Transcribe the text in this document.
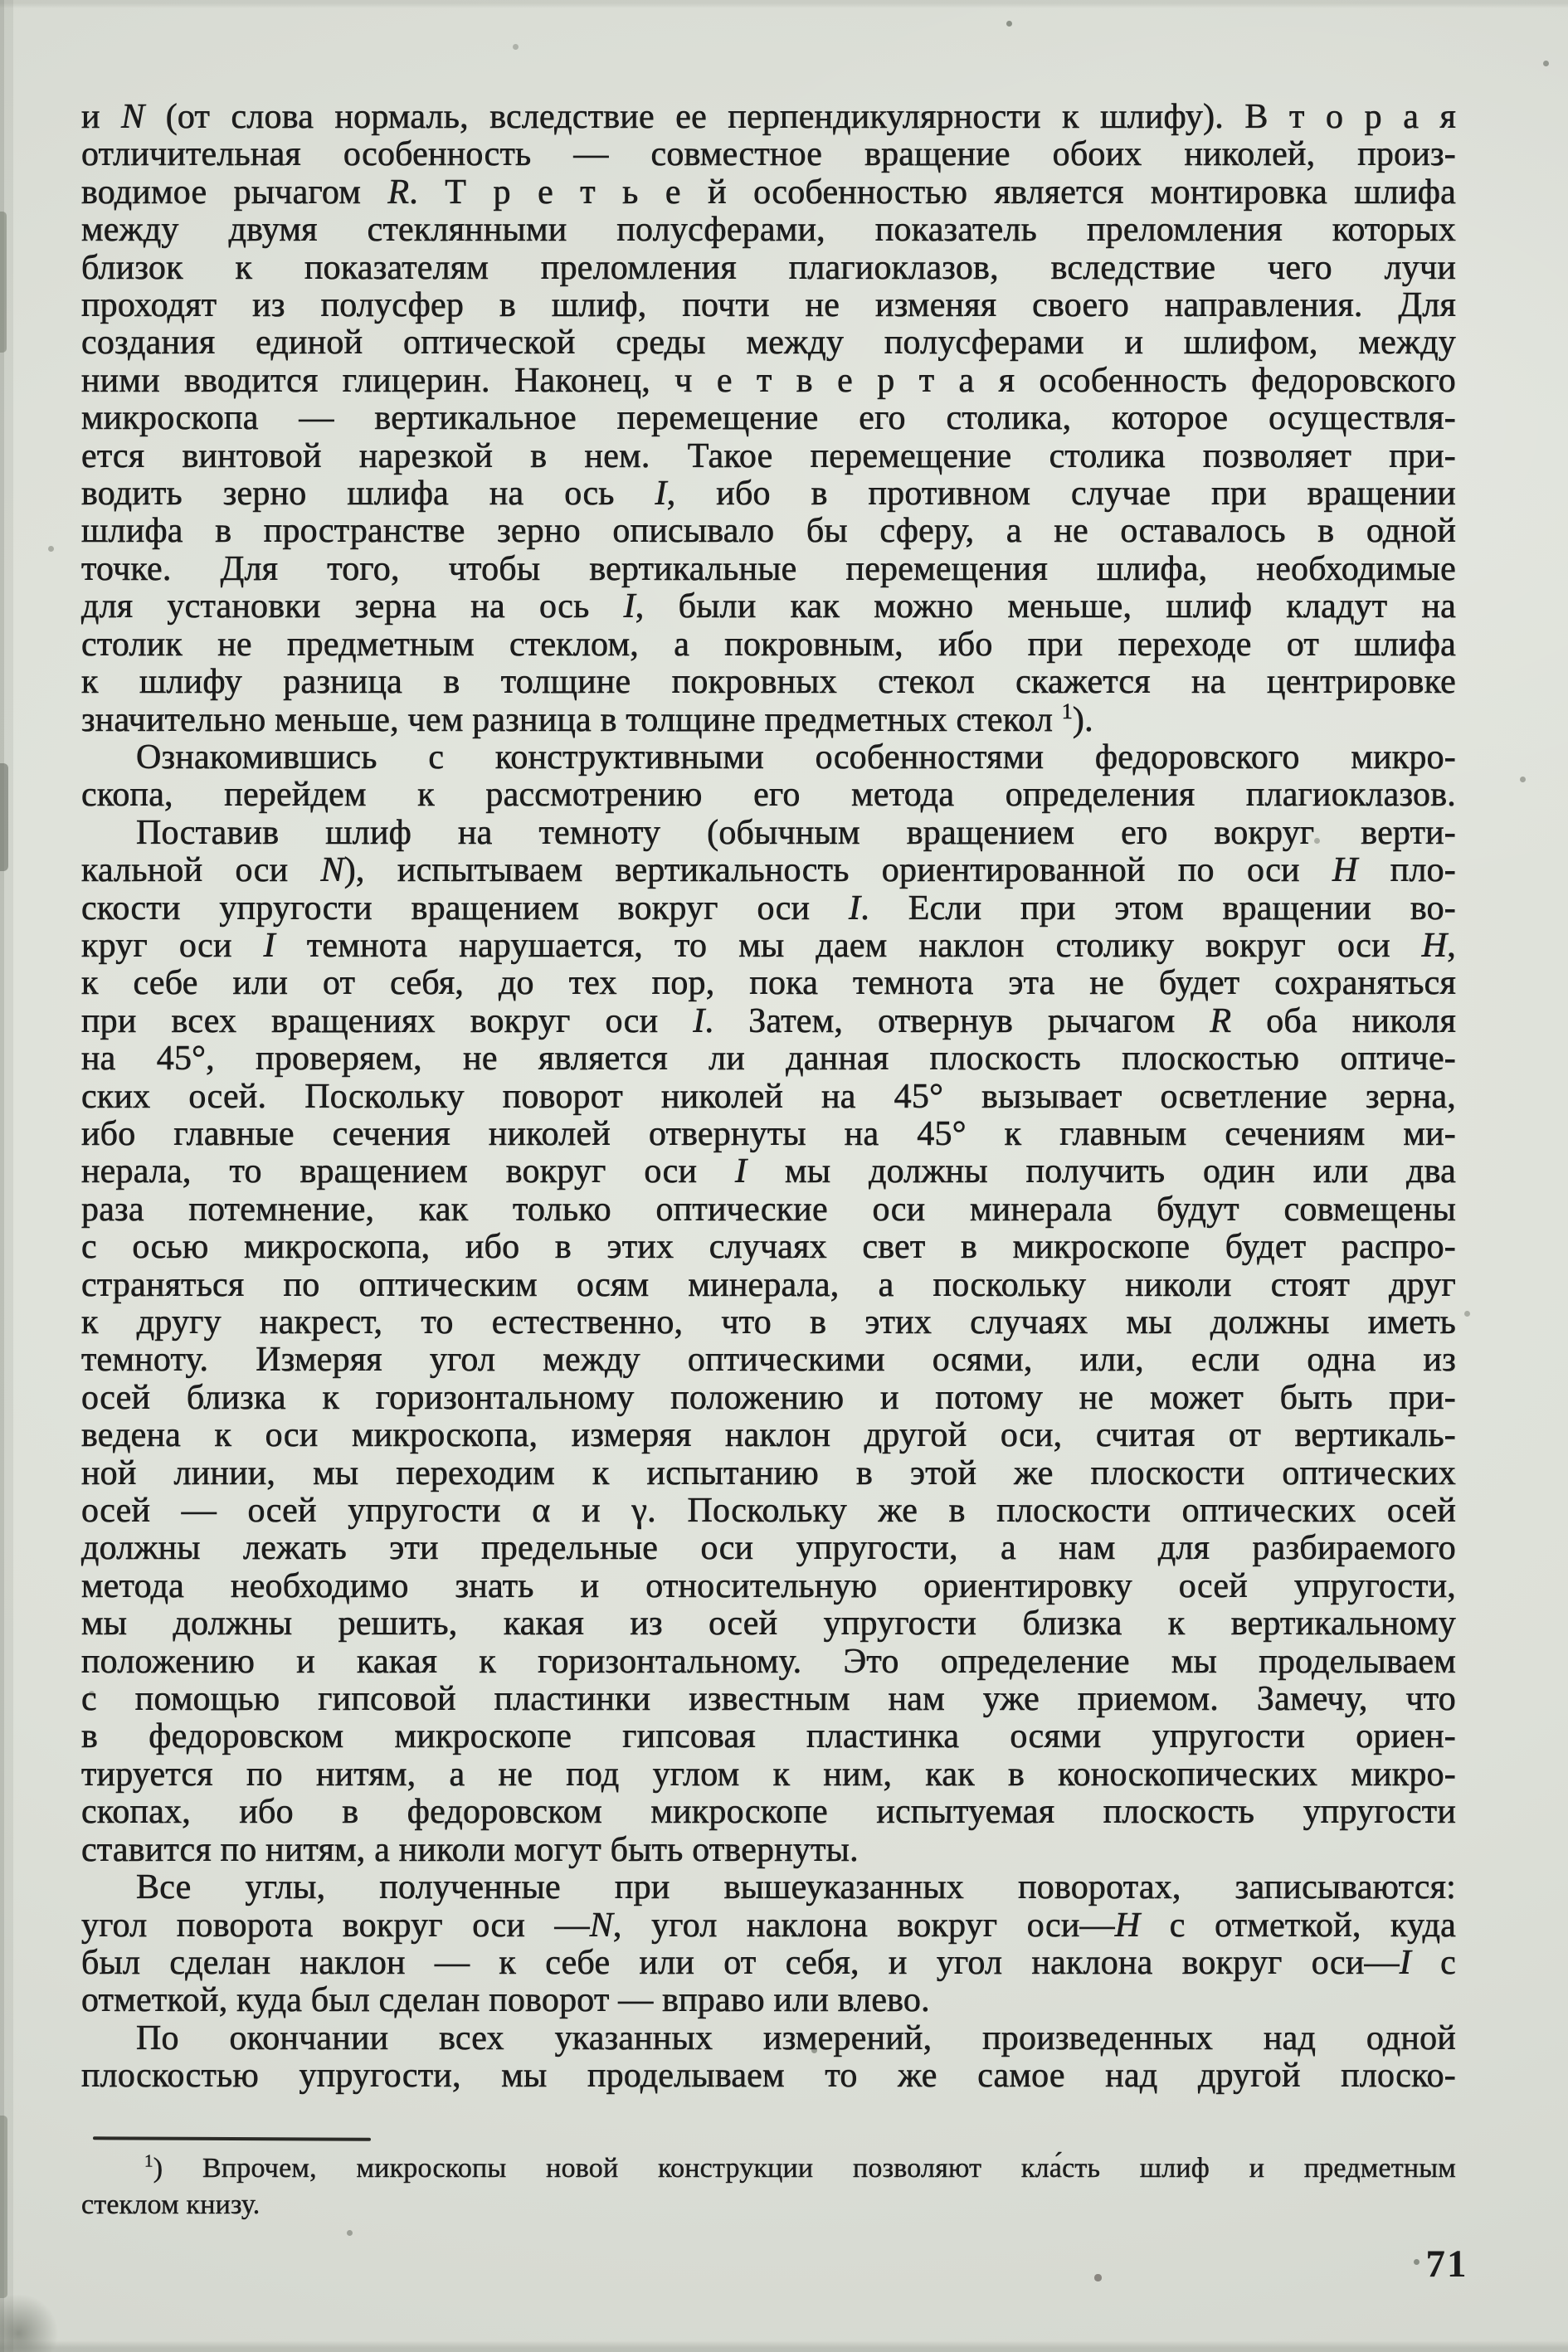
и N (от слова нормаль, вследствие ее перпендикулярности к шлифу). В т о р а я
отличительная особенность — совместное вращение обоих николей, произ-
водимое рычагом R. Т р е т ь е й особенностью является монтировка шлифа
между двумя стеклянными полусферами, показатель преломления которых
близок к показателям преломления плагиоклазов, вследствие чего лучи
проходят из полусфер в шлиф, почти не изменяя своего направления. Для
создания единой оптической среды между полусферами и шлифом, между
ними вводится глицерин. Наконец, ч е т в е р т а я особенность федоровского
микроскопа — вертикальное перемещение его столика, которое осуществля-
ется винтовой нарезкой в нем. Такое перемещение столика позволяет при-
водить зерно шлифа на ось I, ибо в противном случае при вращении
шлифа в пространстве зерно описывало бы сферу, а не оставалось в одной
точке. Для того, чтобы вертикальные перемещения шлифа, необходимые
для установки зерна на ось I, были как можно меньше, шлиф кладут на
столик не предметным стеклом, а покровным, ибо при переходе от шлифа
к шлифу разница в толщине покровных стекол скажется на центрировке
значительно меньше, чем разница в толщине предметных стекол $^1$).
Ознакомившись с конструктивными особенностями федоровского микро-
скопа, перейдем к рассмотрению его метода определения плагиоклазов.
Поставив шлиф на темноту (обычным вращением его вокруг верти-
кальной оси N), испытываем вертикальность ориентированной по оси H пло-
скости упругости вращением вокруг оси I. Если при этом вращении во-
круг оси I темнота нарушается, то мы даем наклон столику вокруг оси H,
к себе или от себя, до тех пор, пока темнота эта не будет сохраняться
при всех вращениях вокруг оси I. Затем, отвернув рычагом R оба николя
на 45°, проверяем, не является ли данная плоскость плоскостью оптиче-
ских осей. Поскольку поворот николей на 45° вызывает осветление зерна,
ибо главные сечения николей отвернуты на 45° к главным сечениям ми-
нерала, то вращением вокруг оси I мы должны получить один или два
раза потемнение, как только оптические оси минерала будут совмещены
с осью микроскопа, ибо в этих случаях свет в микроскопе будет распро-
страняться по оптическим осям минерала, а поскольку николи стоят друг
к другу накрест, то естественно, что в этих случаях мы должны иметь
темноту. Измеряя угол между оптическими осями, или, если одна из
осей близка к горизонтальному положению и потому не может быть при-
ведена к оси микроскопа, измеряя наклон другой оси, считая от вертикаль-
ной линии, мы переходим к испытанию в этой же плоскости оптических
осей — осей упругости α и γ. Поскольку же в плоскости оптических осей
должны лежать эти предельные оси упругости, а нам для разбираемого
метода необходимо знать и относительную ориентировку осей упругости,
мы должны решить, какая из осей упругости близка к вертикальному
положению и какая к горизонтальному. Это определение мы проделываем
с помощью гипсовой пластинки известным нам уже приемом. Замечу, что
в федоровском микроскопе гипсовая пластинка осями упругости ориен-
тируется по нитям, а не под углом к ним, как в коноскопических микро-
скопах, ибо в федоровском микроскопе испытуемая плоскость упругости
ставится по нитям, а николи могут быть отвернуты.
Все углы, полученные при вышеуказанных поворотах, записываются:
угол поворота вокруг оси —N, угол наклона вокруг оси—H с отметкой, куда
был сделан наклон — к себе или от себя, и угол наклона вокруг оси—I с
отметкой, куда был сделан поворот — вправо или влево.
По окончании всех указанных измерений, произведенных над одной
плоскостью упругости, мы проделываем то же самое над другой плоско-
$^1$) Впрочем, микроскопы новой конструкции позволяют кла́сть шлиф и предметным
стеклом книзу.
71
